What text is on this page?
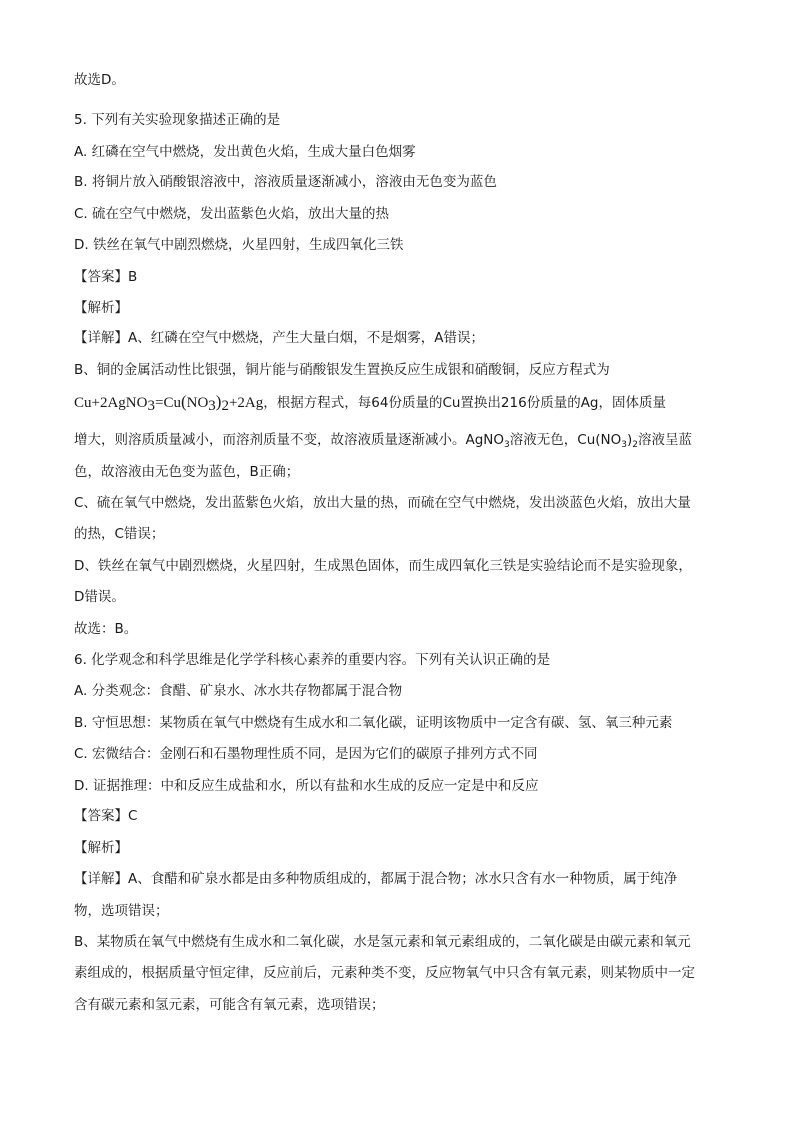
故选D。
5. 下列有关实验现象描述正确的是
A. 红磷在空气中燃烧，发出黄色火焰，生成大量白色烟雾
B. 将铜片放入硝酸银溶液中，溶液质量逐渐减小，溶液由无色变为蓝色
C. 硫在空气中燃烧，发出蓝紫色火焰，放出大量的热
D. 铁丝在氧气中剧烈燃烧，火星四射，生成四氧化三铁
【答案】B
【解析】
【详解】A、红磷在空气中燃烧，产生大量白烟，不是烟雾，A错误；
B、铜的金属活动性比银强，铜片能与硝酸银发生置换反应生成银和硝酸铜，反应方程式为
$Cu+2AgNO_3=Cu(NO_3)_2+2Ag$，根据方程式，每64份质量的Cu置换出216份质量的Ag，固体质量
增大，则溶质质量减小，而溶剂质量不变，故溶液质量逐渐减小。AgNO$_3$溶液无色，$Cu(NO_3)_2$溶液呈蓝
色，故溶液由无色变为蓝色，B正确；
C、硫在氧气中燃烧，发出蓝紫色火焰，放出大量的热，而硫在空气中燃烧，发出淡蓝色火焰，放出大量
的热，C错误；
D、铁丝在氧气中剧烈燃烧，火星四射，生成黑色固体，而生成四氧化三铁是实验结论而不是实验现象，
D错误。
故选：B。
6. 化学观念和科学思维是化学学科核心素养的重要内容。下列有关认识正确的是
A. 分类观念：食醋、矿泉水、冰水共存物都属于混合物
B. 守恒思想：某物质在氧气中燃烧有生成水和二氧化碳，证明该物质中一定含有碳、氢、氧三种元素
C. 宏微结合：金刚石和石墨物理性质不同，是因为它们的碳原子排列方式不同
D. 证据推理：中和反应生成盐和水，所以有盐和水生成的反应一定是中和反应
【答案】C
【解析】
【详解】A、食醋和矿泉水都是由多种物质组成的，都属于混合物；冰水只含有水一种物质，属于纯净
物，选项错误；
B、某物质在氧气中燃烧有生成水和二氧化碳，水是氢元素和氧元素组成的，二氧化碳是由碳元素和氧元
素组成的，根据质量守恒定律，反应前后，元素种类不变，反应物氧气中只含有氧元素，则某物质中一定
含有碳元素和氢元素，可能含有氧元素，选项错误；
